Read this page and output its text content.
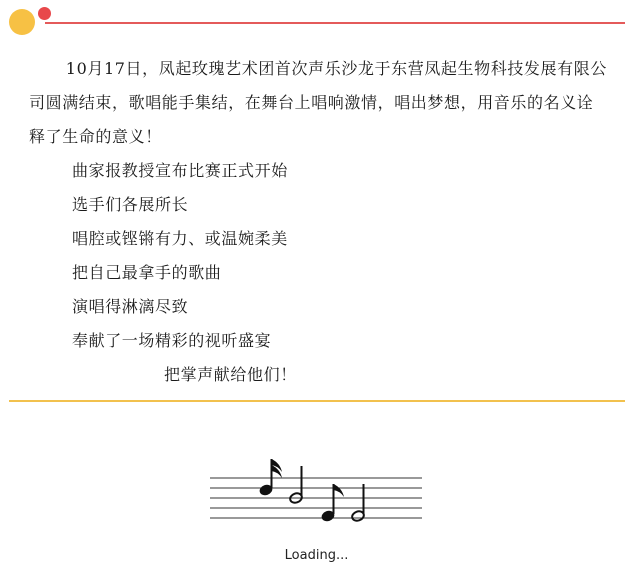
10月17日，凤起玫瑰艺术团首次声乐沙龙于东营凤起生物科技发展有限公司圆满结束，歌唱能手集结，在舞台上唱响激情，唱出梦想，用音乐的名义诠释了生命的意义！

曲家报教授宣布比赛正式开始

选手们各展所长

唱腔或铿锵有力、或温婉柔美

把自己最拿手的歌曲

演唱得淋漓尽致

奉献了一场精彩的视听盛宴

把掌声献给他们！

Loading...
